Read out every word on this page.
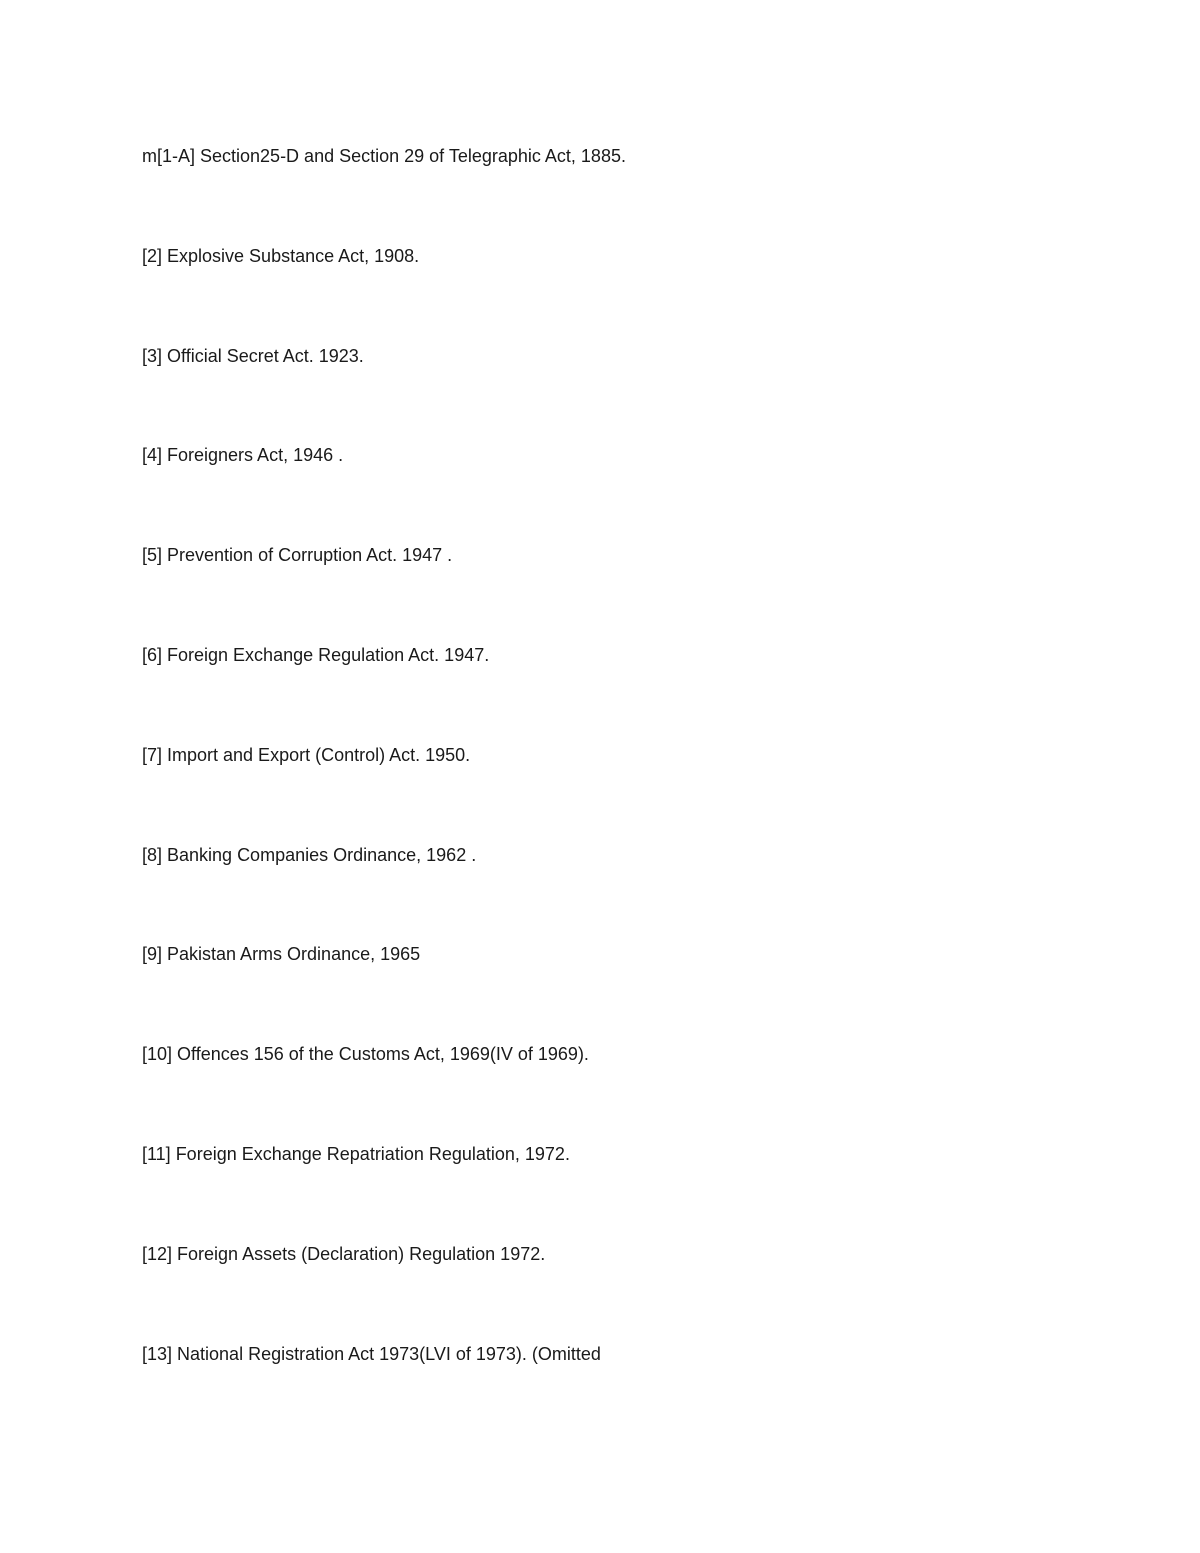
m[1-A] Section25-D and Section 29 of Telegraphic Act, 1885.
[2] Explosive Substance Act, 1908.
[3] Official Secret Act. 1923.
[4] Foreigners Act, 1946 .
[5] Prevention of Corruption Act. 1947 .
[6] Foreign Exchange Regulation Act. 1947.
[7] Import and Export (Control) Act. 1950.
[8] Banking Companies Ordinance, 1962 .
[9] Pakistan Arms Ordinance, 1965
[10] Offences 156 of the Customs Act, 1969(IV of 1969).
[11] Foreign Exchange Repatriation Regulation, 1972.
[12] Foreign Assets (Declaration) Regulation 1972.
[13] National Registration Act 1973(LVI of 1973). (Omitted
